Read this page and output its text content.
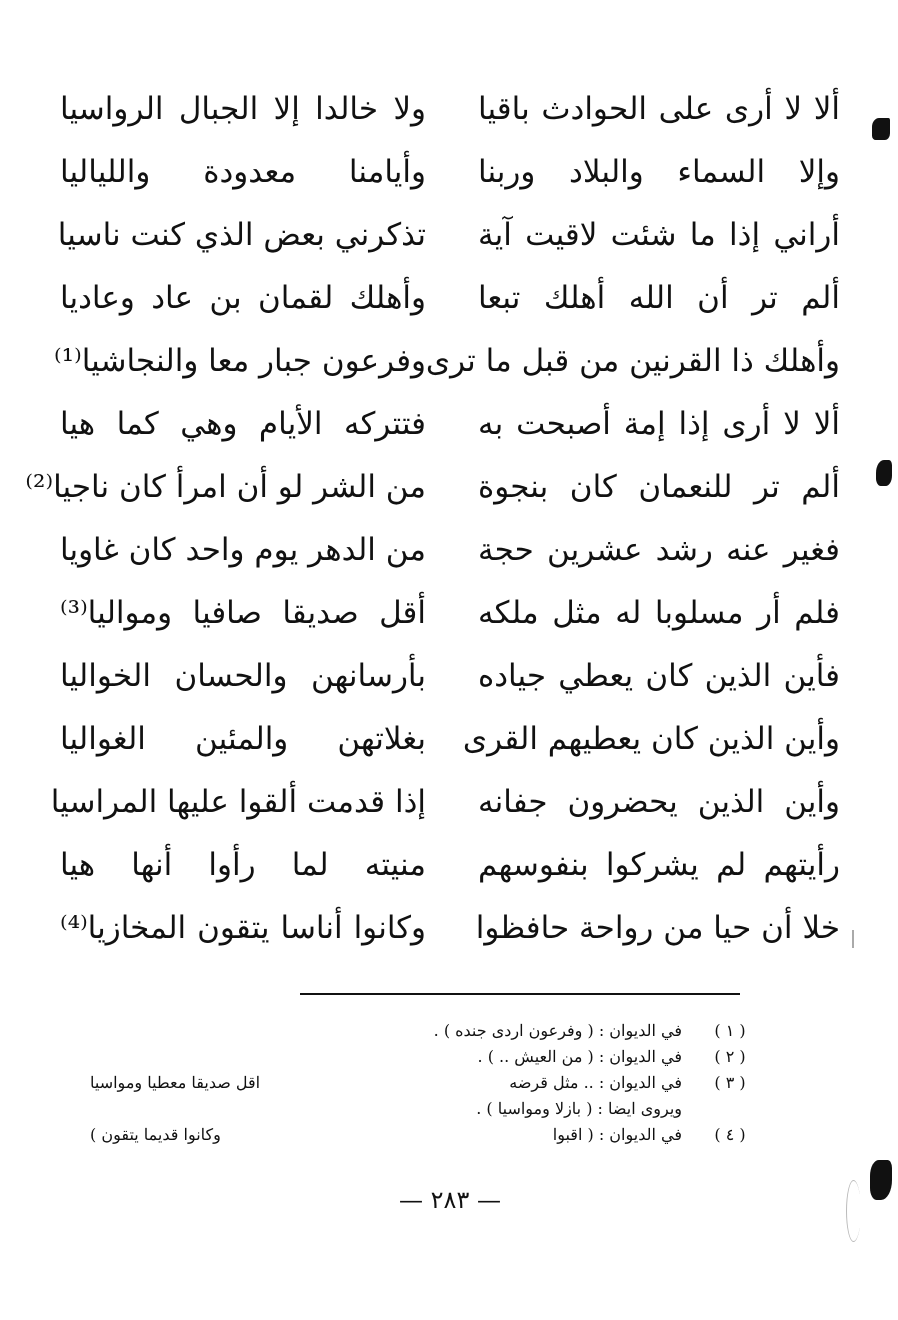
ألا لا أرى على الحوادث باقيا
ولا خالدا إلا الجبال الرواسيا
وإلا السماء والبلاد وربنا
وأيامنا معدودة واللياليا
أراني إذا ما شئت لاقيت آية
تذكرني بعض الذي كنت ناسيا
ألم تر أن الله أهلك تبعا
وأهلك لقمان بن عاد وعاديا
وأهلك ذا القرنين من قبل ما ترى
وفرعون جبار معا والنجاشيا⁽¹⁾
ألا لا أرى إذا إمة أصبحت به
فتتركه الأيام وهي كما هيا
ألم تر للنعمان كان بنجوة
من الشر لو أن امرأ كان ناجيا⁽²⁾
فغير عنه رشد عشرين حجة
من الدهر يوم واحد كان غاويا
فلم أر مسلوبا له مثل ملكه
أقل صديقا صافيا ومواليا⁽³⁾
فأين الذين كان يعطي جياده
بأرسانهن والحسان الخواليا
وأين الذين كان يعطيهم القرى
بغلاتهن والمئين الغواليا
وأين الذين يحضرون جفانه
إذا قدمت ألقوا عليها المراسيا
رأيتهم لم يشركوا بنفوسهم
منيته لما رأوا أنها هيا
خلا أن حيا من رواحة حافظوا
وكانوا أناسا يتقون المخازيا⁽⁴⁾
( ١ )
في الديوان : ( وفرعون اردى جنده ) .
( ٢ )
في الديوان : ( من العيش .. ) .
( ٣ )
في الديوان : .. مثل قرضه
اقل صديقا معطيا ومواسيا
ويروى ايضا : ( بازلا ومواسيا ) .
( ٤ )
في الديوان : ( اقبوا
وكانوا قديما يتقون )
— ٢٨٣ —
